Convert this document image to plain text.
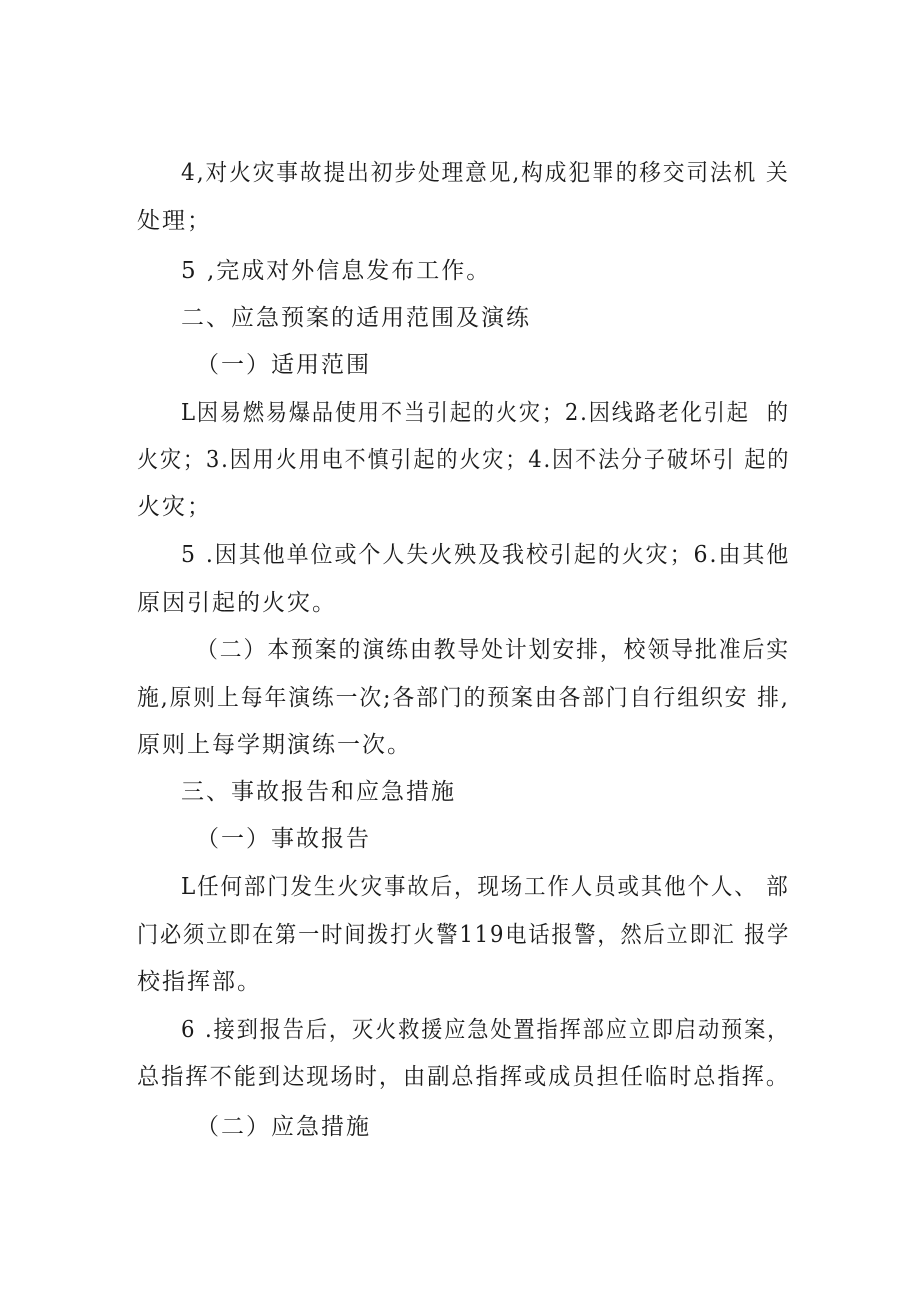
4,对火灾事故提出初步处理意见,构成犯罪的移交司法机 关
处理；
5 ,完成对外信息发布工作。
二、应急预案的适用范围及演练
（一）适用范围
L因易燃易爆品使用不当引起的火灾；2.因线路老化引起  的
火灾；3.因用火用电不慎引起的火灾；4.因不法分子破坏引 起的
火灾；
5 .因其他单位或个人失火殃及我校引起的火灾；6.由其他
原因引起的火灾。
（二）本预案的演练由教导处计划安排，校领导批准后实
施,原则上每年演练一次;各部门的预案由各部门自行组织安 排,
原则上每学期演练一次。
三、事故报告和应急措施
（一）事故报告
L任何部门发生火灾事故后，现场工作人员或其他个人、 部
门必须立即在第一时间拨打火警119电话报警，然后立即汇 报学
校指挥部。
6 .接到报告后，灭火救援应急处置指挥部应立即启动预案，
总指挥不能到达现场时，由副总指挥或成员担任临时总指挥。
（二）应急措施
